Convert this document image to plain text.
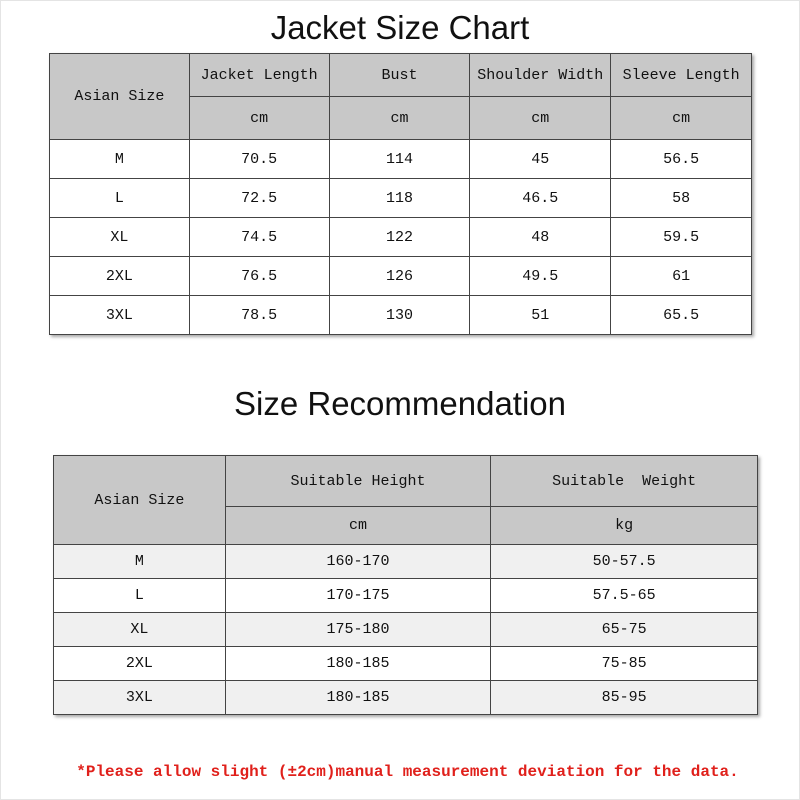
Jacket Size Chart
Asian Size	Jacket Length	Bust	Shoulder Width	Sleeve Length
	cm	cm	cm	cm
M	70.5	114	45	56.5
L	72.5	118	46.5	58
XL	74.5	122	48	59.5
2XL	76.5	126	49.5	61
3XL	78.5	130	51	65.5
Size Recommendation
Asian Size	Suitable Height	Suitable  Weight
	cm	kg
M	160-170	50-57.5
L	170-175	57.5-65
XL	175-180	65-75
2XL	180-185	75-85
3XL	180-185	85-95
*Please allow slight (±2cm)manual measurement deviation for the data.
